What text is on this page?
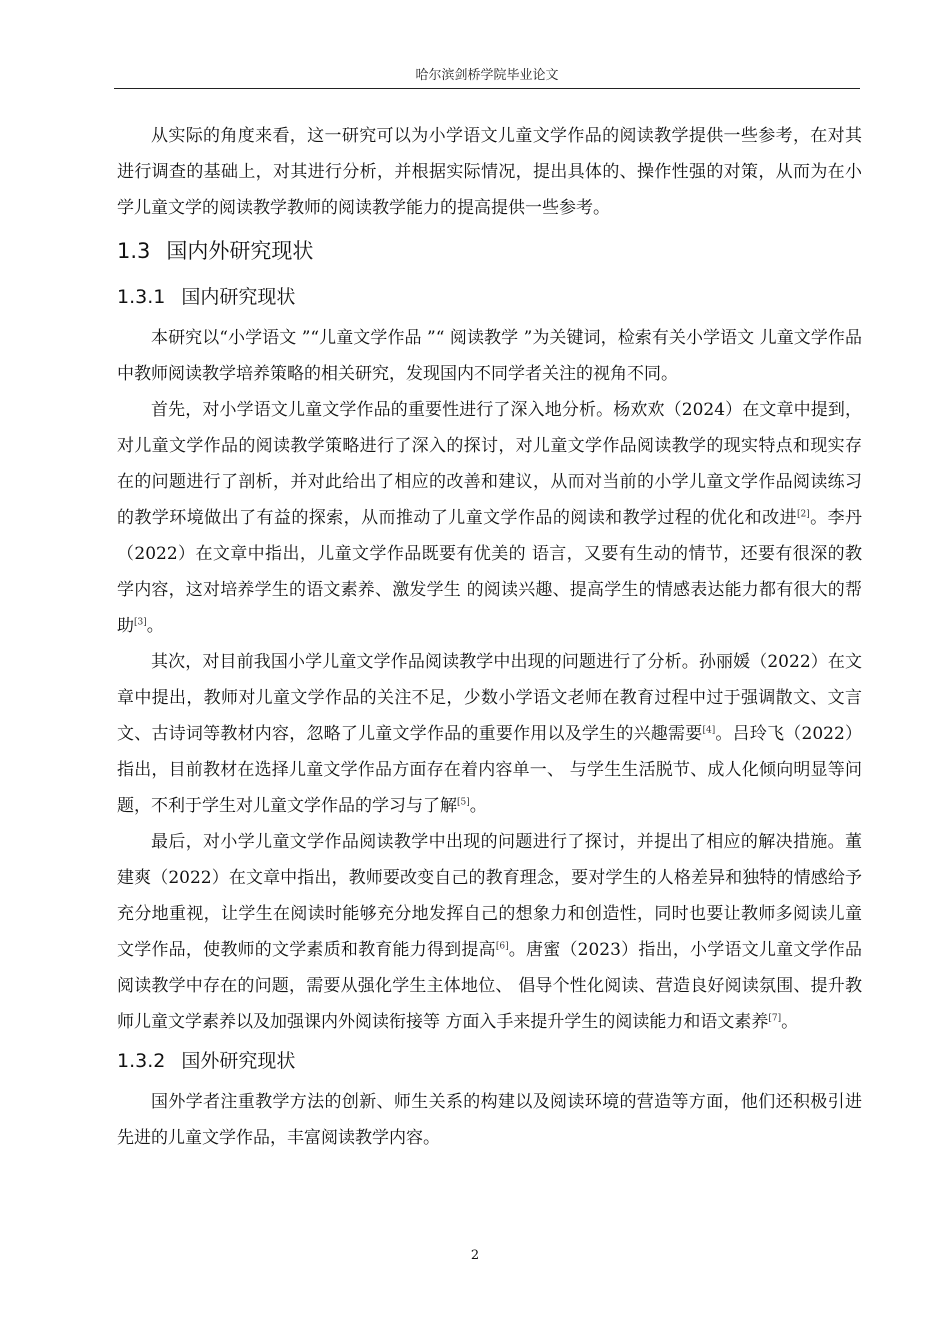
哈尔滨剑桥学院毕业论文

从实际的角度来看，这一研究可以为小学语文儿童文学作品的阅读教学提供一些参考，在对其进行调查的基础上，对其进行分析，并根据实际情况，提出具体的、操作性强的对策，从而为在小学儿童文学的阅读教学教师的阅读教学能力的提高提供一些参考。

1.3 国内外研究现状
1.3.1 国内研究现状

本研究以“小学语文 ”“儿童文学作品 ”“ 阅读教学 ”为关键词，检索有关小学语文 儿童文学作品中教师阅读教学培养策略的相关研究，发现国内不同学者关注的视角不同。

首先，对小学语文儿童文学作品的重要性进行了深入地分析。杨欢欢（2024）在文章中提到，对儿童文学作品的阅读教学策略进行了深入的探讨，对儿童文学作品阅读教学的现实特点和现实存在的问题进行了剖析，并对此给出了相应的改善和建议，从而对当前的小学儿童文学作品阅读练习的教学环境做出了有益的探索，从而推动了儿童文学作品的阅读和教学过程的优化和改进[2]。李丹（2022）在文章中指出，儿童文学作品既要有优美的 语言，又要有生动的情节，还要有很深的教学内容，这对培养学生的语文素养、激发学生 的阅读兴趣、提高学生的情感表达能力都有很大的帮助[3]。

其次，对目前我国小学儿童文学作品阅读教学中出现的问题进行了分析。孙丽媛（2022）在文章中提出，教师对儿童文学作品的关注不足，少数小学语文老师在教育过程中过于强调散文、文言文、古诗词等教材内容，忽略了儿童文学作品的重要作用以及学生的兴趣需要[4]。吕玲飞（2022）指出，目前教材在选择儿童文学作品方面存在着内容单一、 与学生生活脱节、成人化倾向明显等问题，不利于学生对儿童文学作品的学习与了解[5]。

最后，对小学儿童文学作品阅读教学中出现的问题进行了探讨，并提出了相应的解决措施。董建爽（2022）在文章中指出，教师要改变自己的教育理念，要对学生的人格差异和独特的情感给予充分地重视，让学生在阅读时能够充分地发挥自己的想象力和创造性，同时也要让教师多阅读儿童文学作品，使教师的文学素质和教育能力得到提高[6]。唐蜜（2023）指出，小学语文儿童文学作品阅读教学中存在的问题，需要从强化学生主体地位、 倡导个性化阅读、营造良好阅读氛围、提升教师儿童文学素养以及加强课内外阅读衔接等 方面入手来提升学生的阅读能力和语文素养[7]。

1.3.2 国外研究现状

国外学者注重教学方法的创新、师生关系的构建以及阅读环境的营造等方面，他们还积极引进先进的儿童文学作品，丰富阅读教学内容。

2
